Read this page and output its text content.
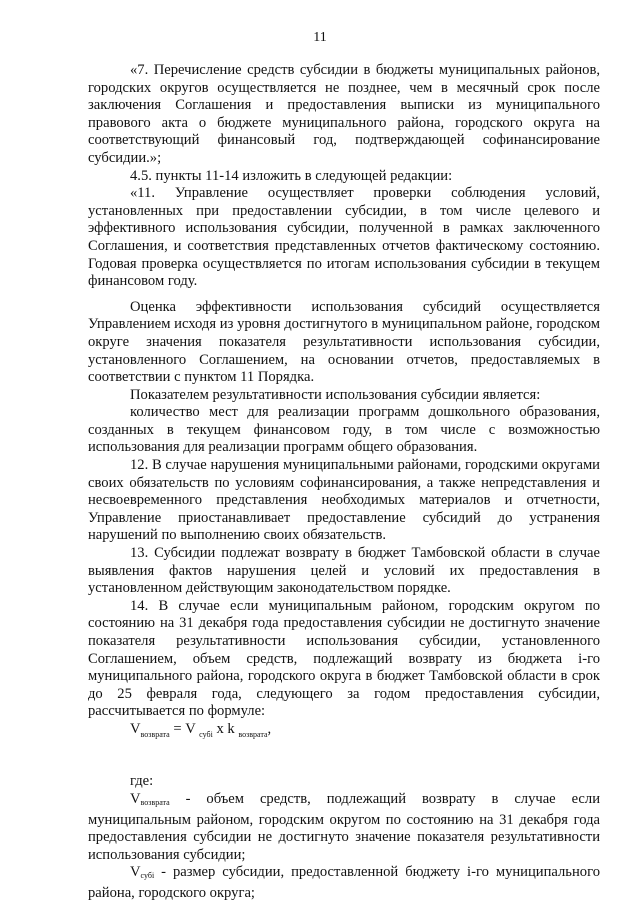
11

«7. Перечисление средств субсидии в бюджеты муниципальных районов, городских округов осуществляется не позднее, чем в месячный срок после заключения Соглашения и предоставления выписки из муниципального правового акта о бюджете муниципального района, городского округа на соответствующий финансовый год, подтверждающей софинансирование субсидии.»;

4.5. пункты 11-14 изложить в следующей редакции:

«11. Управление осуществляет проверки соблюдения условий, установленных при предоставлении субсидии, в том числе целевого и эффективного использования субсидии, полученной в рамках заключенного Соглашения, и соответствия представленных отчетов фактическому состоянию. Годовая проверка осуществляется по итогам использования субсидии в текущем финансовом году.

Оценка эффективности использования субсидий осуществляется Управлением исходя из уровня достигнутого в муниципальном районе, городском округе значения показателя результативности использования субсидии, установленного Соглашением, на основании отчетов, предоставляемых в соответствии с пунктом 11 Порядка.

Показателем результативности использования субсидии является:

количество мест для реализации программ дошкольного образования, созданных в текущем финансовом году, в том числе с возможностью использования для реализации программ общего образования.

12. В случае нарушения муниципальными районами, городскими округами своих обязательств по условиям софинансирования, а также непредставления и несвоевременного представления необходимых материалов и отчетности, Управление приостанавливает предоставление субсидий до устранения нарушений по выполнению своих обязательств.

13. Субсидии подлежат возврату в бюджет Тамбовской области в случае выявления фактов нарушения целей и условий их предоставления в установленном действующим законодательством порядке.

14. В случае если муниципальным районом, городским округом по состоянию на 31 декабря года предоставления субсидии не достигнуто значение показателя результативности использования субсидии, установленного Соглашением, объем средств, подлежащий возврату из бюджета i-го муниципального района, городского округа в бюджет Тамбовской области в срок до 25 февраля года, следующего за годом предоставления субсидии, рассчитывается по формуле:

$V_{возврата} = V$ $_{субi}$ x k $_{возврата}$,

где:

$V_{возврата}$ - объем средств, подлежащий возврату в случае если муниципальным районом, городским округом по состоянию на 31 декабря года предоставления субсидии не достигнуто значение показателя результативности использования субсидии;

$V_{субi}$ - размер субсидии, предоставленной бюджету i-го муниципального района, городского округа;
